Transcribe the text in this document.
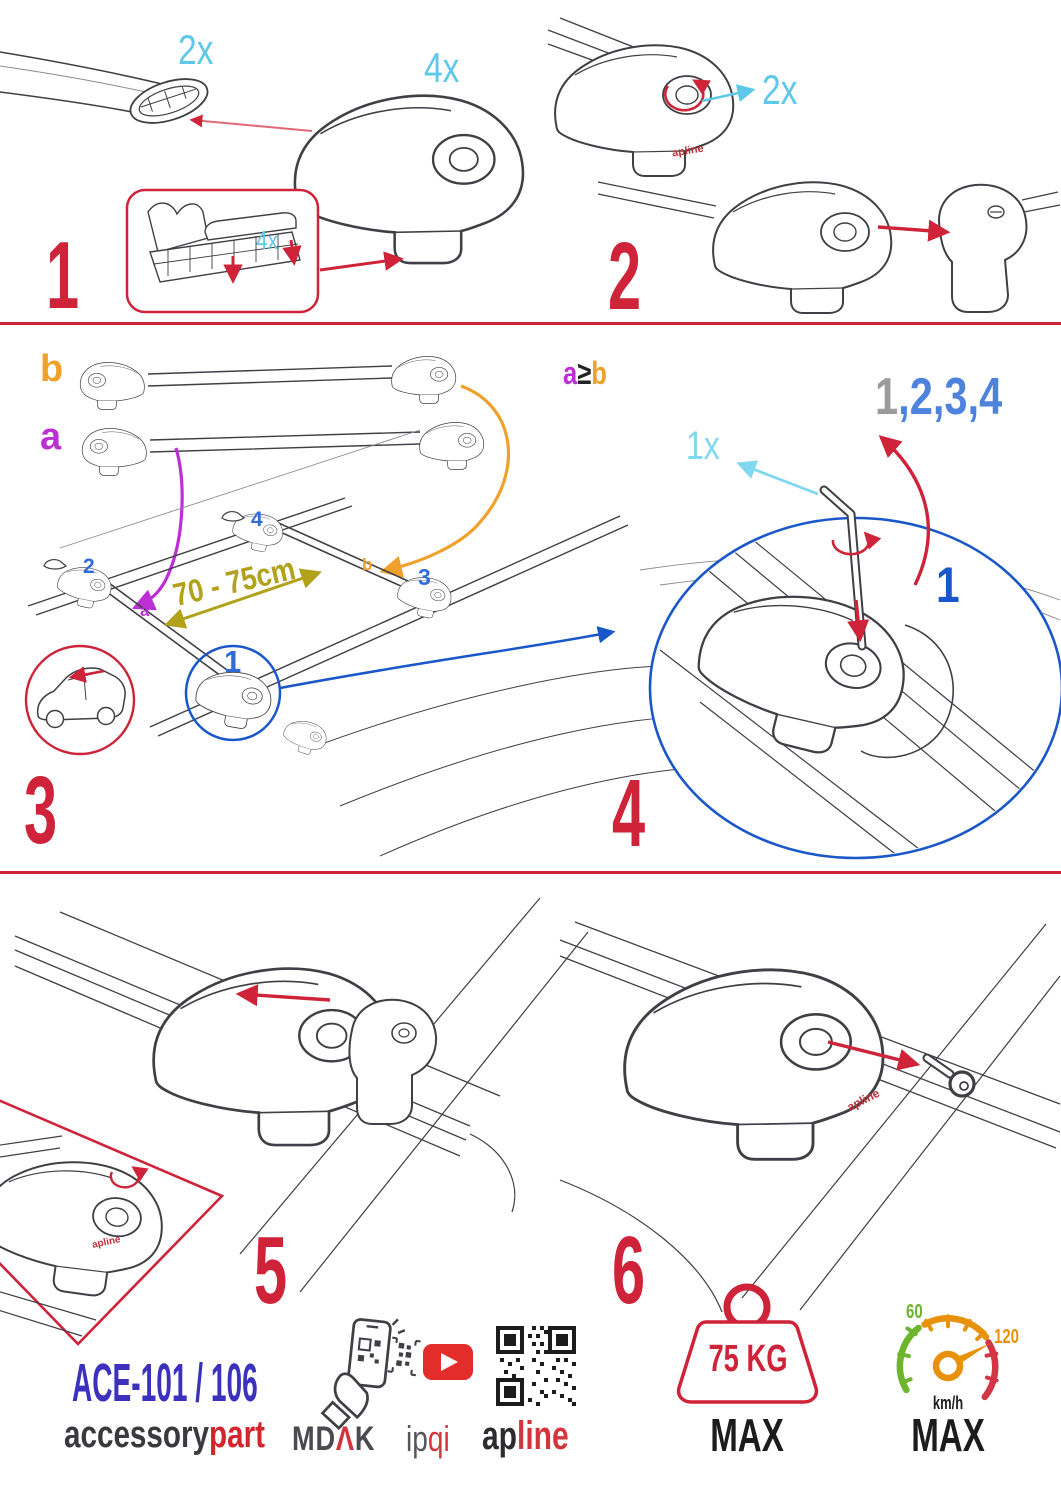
1
2x	4x
4x	2
2x
apline
3
b
a
a
b
70 - 75cm
2
4
3
1
4
a≥b	1,2,3,4
1x
1
5
apline	6
apline
ACE-101 / 106
accessorypart MDΛK ipqi apline
75 KG
MAX
60
120
km/h
MAX
